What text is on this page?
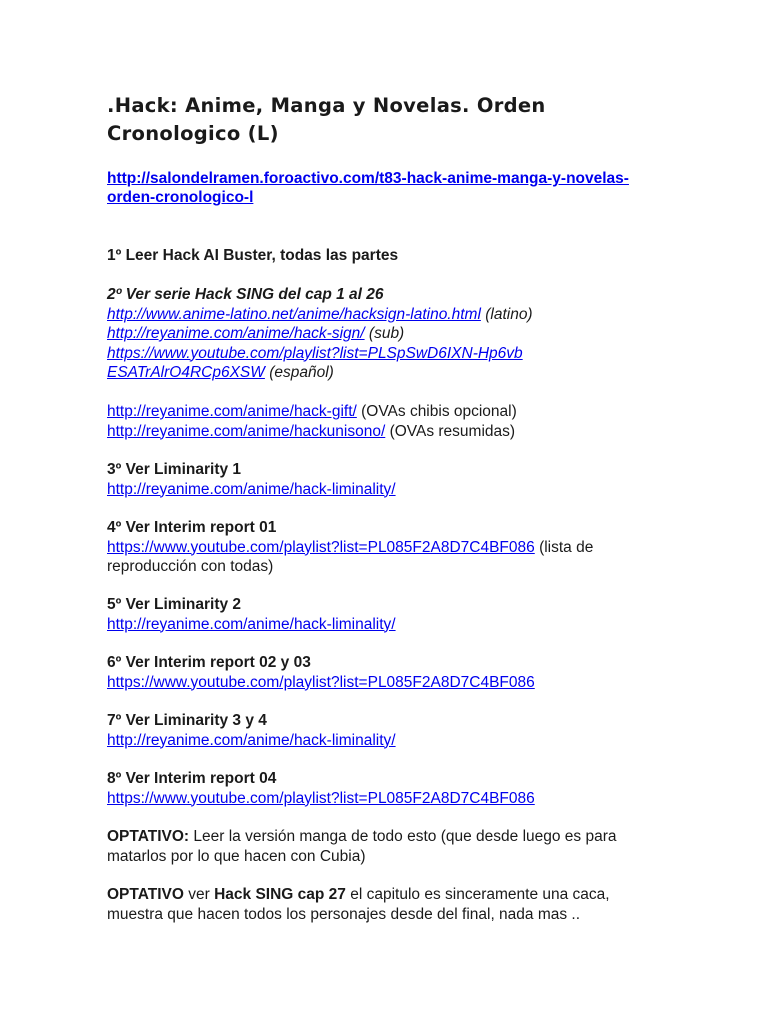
.Hack: Anime, Manga y Novelas. Orden Cronologico (L)
http://salondelramen.foroactivo.com/t83-hack-anime-manga-y-novelas-orden-cronologico-l
1º Leer Hack AI Buster, todas las partes
2º Ver serie Hack SING del cap 1 al 26
http://www.anime-latino.net/anime/hacksign-latino.html (latino)
http://reyanime.com/anime/hack-sign/ (sub)
https://www.youtube.com/playlist?list=PLSpSwD6IXN-Hp6vbESATrAlrO4RCp6XSW (español)
http://reyanime.com/anime/hack-gift/ (OVAs chibis opcional)
http://reyanime.com/anime/hackunisono/ (OVAs resumidas)
3º Ver Liminarity 1
http://reyanime.com/anime/hack-liminality/
4º Ver Interim report 01
https://www.youtube.com/playlist?list=PL085F2A8D7C4BF086 (lista de reproducción con todas)
5º Ver Liminarity 2
http://reyanime.com/anime/hack-liminality/
6º Ver Interim report 02 y 03
https://www.youtube.com/playlist?list=PL085F2A8D7C4BF086
7º Ver Liminarity 3 y 4
http://reyanime.com/anime/hack-liminality/
8º Ver Interim report 04
https://www.youtube.com/playlist?list=PL085F2A8D7C4BF086
OPTATIVO: Leer la versión manga de todo esto (que desde luego es para matarlos por lo que hacen con Cubia)
OPTATIVO ver Hack SING cap 27 el capitulo es sinceramente una caca, muestra que hacen todos los personajes desde del final, nada mas ..
